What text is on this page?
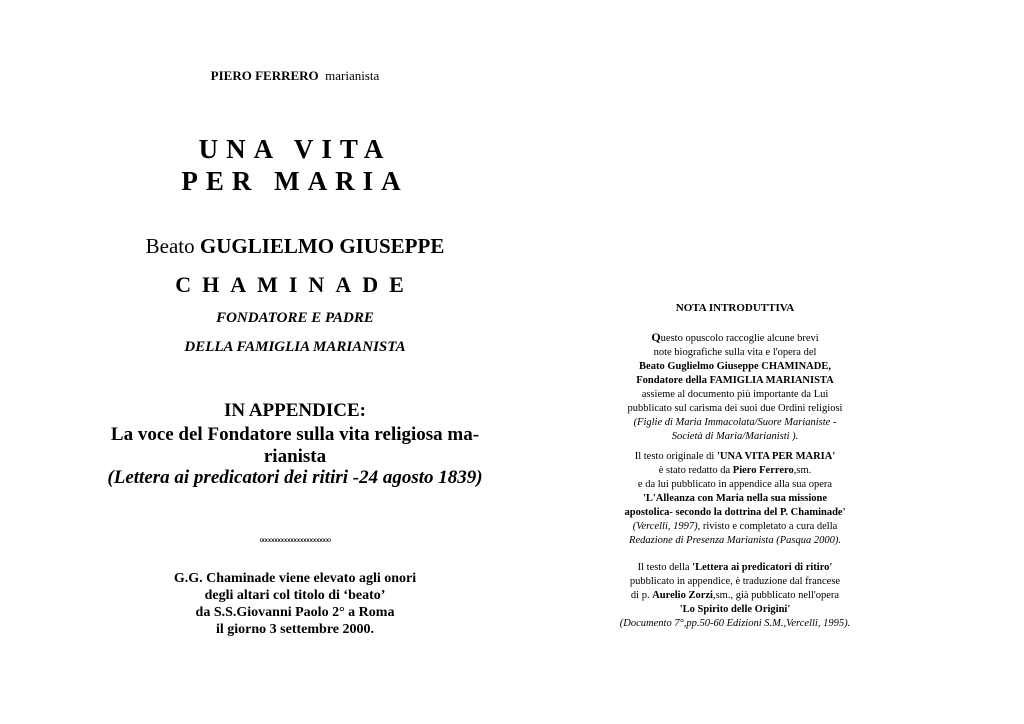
PIERO FERRERO marianista
UNA VITA
PER MARIA
Beato GUGLIELMO GIUSEPPE
CHAMINADE
FONDATORE E PADRE
DELLA FAMIGLIA MARIANISTA
IN APPENDICE:
La voce del Fondatore sulla vita religiosa ma-
rianista
(Lettera ai predicatori dei ritiri -24 agosto 1839)
ºººººººººººººººººººººº
G.G. Chaminade viene elevato agli onori
degli altari col titolo di ‘beato’
da S.S.Giovanni Paolo 2° a Roma
il giorno 3 settembre 2000.
NOTA INTRODUTTIVA
Questo opuscolo raccoglie alcune brevi
note biografiche sulla vita e l'opera del
Beato Guglielmo Giuseppe CHAMINADE,
Fondatore della FAMIGLIA MARIANISTA
assieme al documento più importante da Lui
pubblicato sul carisma dei suoi due Ordini religiosi
(Figlie di Maria Immacolata/Suore Marianiste -
Società di Maria/Marianisti ).
Il testo originale di 'UNA VITA PER MARIA'
è stato redatto da Piero Ferrero,sm.
e da lui pubblicato in appendice alla sua opera
'L'Alleanza con Maria nella sua missione
apostolica- secondo la dottrina del P. Chaminade'
(Vercelli, 1997), rivisto e completato a cura della
Redazione di Presenza Marianista (Pasqua 2000).
Il testo della 'Lettera ai predicatori di ritiro'
pubblicato in appendice, è traduzione dal francese
di p. Aurelio Zorzi,sm., già pubblicato nell'opera
'Lo Spirito delle Origini'
(Documento 7°,pp.50-60 Edizioni S.M.,Vercelli, 1995).
